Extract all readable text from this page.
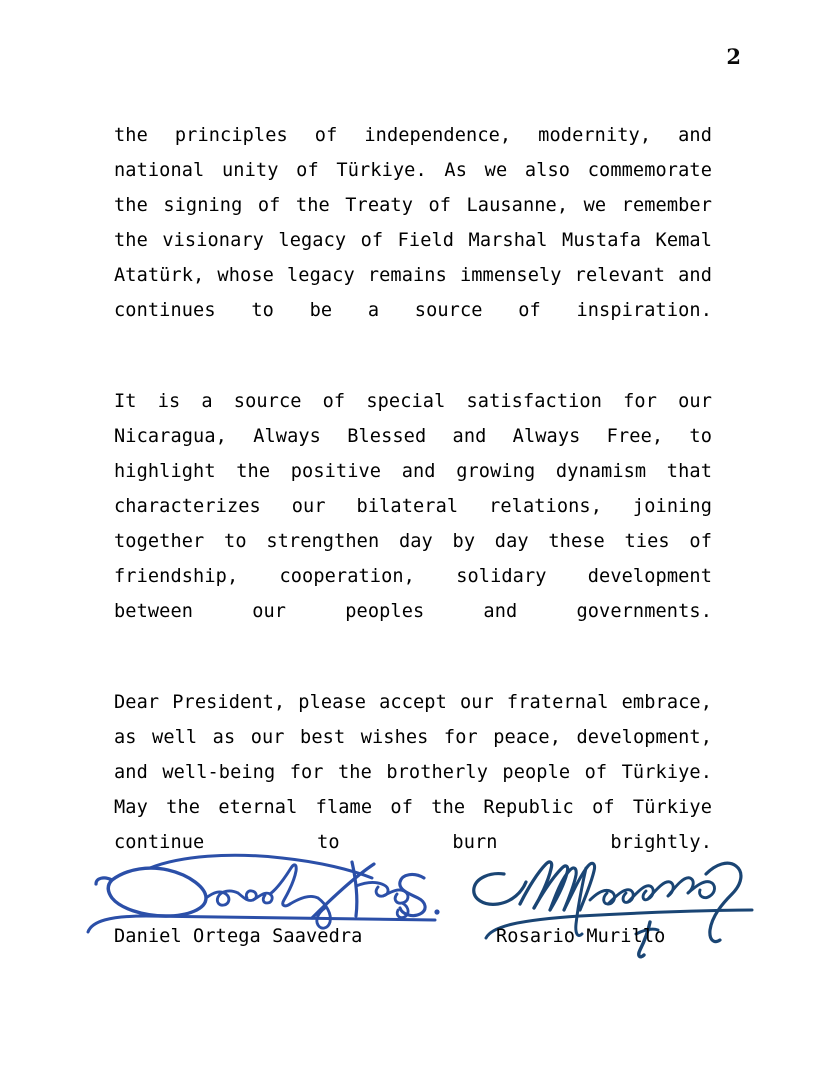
2

the principles of independence, modernity, and national unity of Türkiye. As we also commemorate the signing of the Treaty of Lausanne, we remember the visionary legacy of Field Marshal Mustafa Kemal Atatürk, whose legacy remains immensely relevant and continues to be a source of inspiration.

It is a source of special satisfaction for our Nicaragua, Always Blessed and Always Free, to highlight the positive and growing dynamism that characterizes our bilateral relations, joining together to strengthen day by day these ties of friendship, cooperation, solidary development between our peoples and governments.

Dear President, please accept our fraternal embrace, as well as our best wishes for peace, development, and well-being for the brotherly people of Türkiye. May the eternal flame of the Republic of Türkiye continue to burn brightly.

Daniel Ortega Saavedra	Rosario Murillo
